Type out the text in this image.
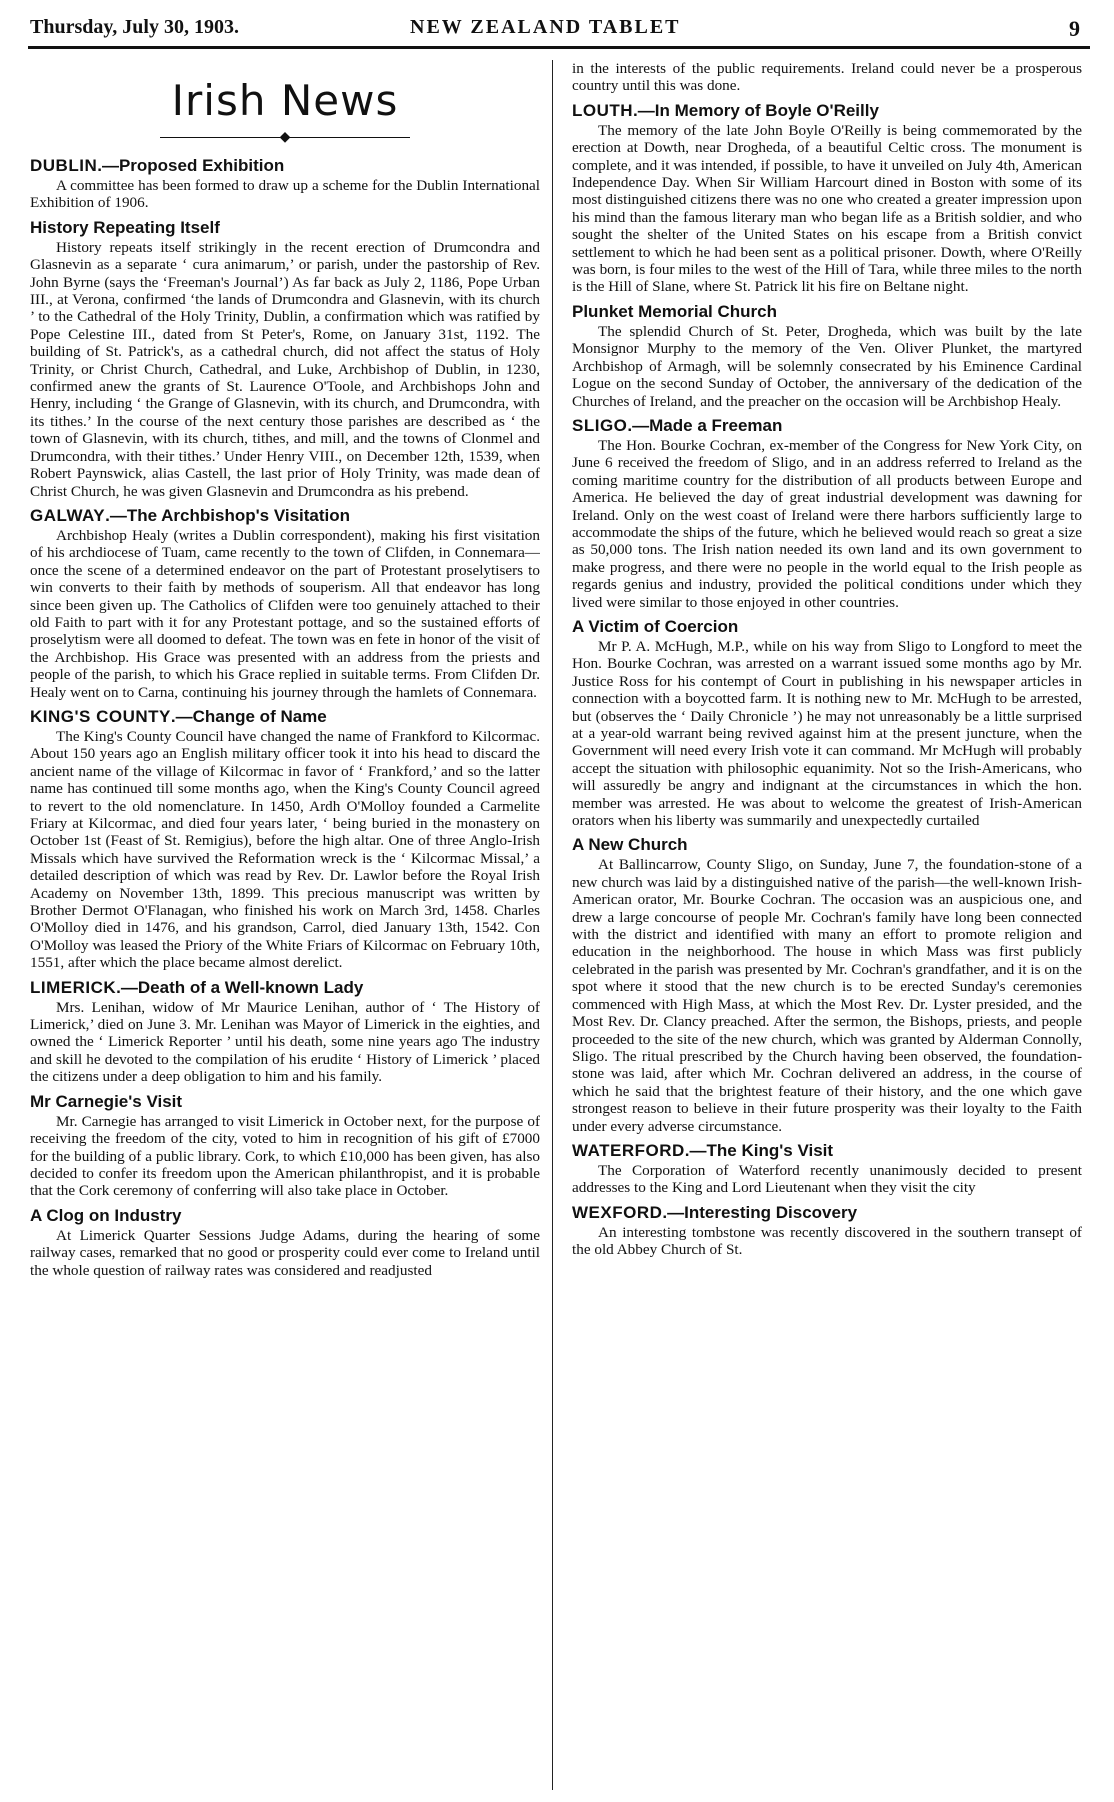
Thursday, July 30, 1903.	NEW ZEALAND TABLET	9
Irish News
◆
DUBLIN.—Proposed Exhibition

A committee has been formed to draw up a scheme for the Dublin International Exhibition of 1906.

History Repeating Itself

History repeats itself strikingly in the recent erection of Drumcondra and Glasnevin as a separate ‘ cura animarum,’ or parish, under the pastorship of Rev. John Byrne (says the ‘Freeman's Journal’) As far back as July 2, 1186, Pope Urban III., at Verona, confirmed ‘the lands of Drumcondra and Glasnevin, with its church ’ to the Cathedral of the Holy Trinity, Dublin, a confirmation which was ratified by Pope Celestine III., dated from St Peter's, Rome, on January 31st, 1192. The building of St. Patrick's, as a cathedral church, did not affect the status of Holy Trinity, or Christ Church, Cathedral, and Luke, Archbishop of Dublin, in 1230, confirmed anew the grants of St. Laurence O'Toole, and Archbishops John and Henry, including ‘ the Grange of Glasnevin, with its church, and Drumcondra, with its tithes.’ In the course of the next century those parishes are described as ‘ the town of Glasnevin, with its church, tithes, and mill, and the towns of Clonmel and Drumcondra, with their tithes.’ Under Henry VIII., on December 12th, 1539, when Robert Paynswick, alias Castell, the last prior of Holy Trinity, was made dean of Christ Church, he was given Glasnevin and Drumcondra as his prebend.

GALWAY.—The Archbishop's Visitation

Archbishop Healy (writes a Dublin correspondent), making his first visitation of his archdiocese of Tuam, came recently to the town of Clifden, in Connemara—once the scene of a determined endeavor on the part of Protestant proselytisers to win converts to their faith by methods of souperism. All that endeavor has long since been given up. The Catholics of Clifden were too genuinely attached to their old Faith to part with it for any Protestant pottage, and so the sustained efforts of proselytism were all doomed to defeat. The town was en fete in honor of the visit of the Archbishop. His Grace was presented with an address from the priests and people of the parish, to which his Grace replied in suitable terms. From Clifden Dr. Healy went on to Carna, continuing his journey through the hamlets of Connemara.

KING'S COUNTY.—Change of Name

The King's County Council have changed the name of Frankford to Kilcormac. About 150 years ago an English military officer took it into his head to discard the ancient name of the village of Kilcormac in favor of ‘ Frankford,’ and so the latter name has continued till some months ago, when the King's County Council agreed to revert to the old nomenclature. In 1450, Ardh O'Molloy founded a Carmelite Friary at Kilcormac, and died four years later, ‘ being buried in the monastery on October 1st (Feast of St. Remigius), before the high altar. One of three Anglo-Irish Missals which have survived the Reformation wreck is the ‘ Kilcormac Missal,’ a detailed description of which was read by Rev. Dr. Lawlor before the Royal Irish Academy on November 13th, 1899. This precious manuscript was written by Brother Dermot O'Flanagan, who finished his work on March 3rd, 1458. Charles O'Molloy died in 1476, and his grandson, Carrol, died January 13th, 1542. Con O'Molloy was leased the Priory of the White Friars of Kilcormac on February 10th, 1551, after which the place became almost derelict.

LIMERICK.—Death of a Well-known Lady

Mrs. Lenihan, widow of Mr Maurice Lenihan, author of ‘ The History of Limerick,’ died on June 3. Mr. Lenihan was Mayor of Limerick in the eighties, and owned the ‘ Limerick Reporter ’ until his death, some nine years ago The industry and skill he devoted to the compilation of his erudite ‘ History of Limerick ’ placed the citizens under a deep obligation to him and his family.

Mr Carnegie's Visit

Mr. Carnegie has arranged to visit Limerick in October next, for the purpose of receiving the freedom of the city, voted to him in recognition of his gift of £7000 for the building of a public library. Cork, to which £10,000 has been given, has also decided to confer its freedom upon the American philanthropist, and it is probable that the Cork ceremony of conferring will also take place in October.

A Clog on Industry

At Limerick Quarter Sessions Judge Adams, during the hearing of some railway cases, remarked that no good or prosperity could ever come to Ireland until the whole question of railway rates was considered and readjusted

in the interests of the public requirements. Ireland could never be a prosperous country until this was done.

LOUTH.—In Memory of Boyle O'Reilly

The memory of the late John Boyle O'Reilly is being commemorated by the erection at Dowth, near Drogheda, of a beautiful Celtic cross. The monument is complete, and it was intended, if possible, to have it unveiled on July 4th, American Independence Day. When Sir William Harcourt dined in Boston with some of its most distinguished citizens there was no one who created a greater impression upon his mind than the famous literary man who began life as a British soldier, and who sought the shelter of the United States on his escape from a British convict settlement to which he had been sent as a political prisoner. Dowth, where O'Reilly was born, is four miles to the west of the Hill of Tara, while three miles to the north is the Hill of Slane, where St. Patrick lit his fire on Beltane night.

Plunket Memorial Church

The splendid Church of St. Peter, Drogheda, which was built by the late Monsignor Murphy to the memory of the Ven. Oliver Plunket, the martyred Archbishop of Armagh, will be solemnly consecrated by his Eminence Cardinal Logue on the second Sunday of October, the anniversary of the dedication of the Churches of Ireland, and the preacher on the occasion will be Archbishop Healy.

SLIGO.—Made a Freeman

The Hon. Bourke Cochran, ex-member of the Congress for New York City, on June 6 received the freedom of Sligo, and in an address referred to Ireland as the coming maritime country for the distribution of all products between Europe and America. He believed the day of great industrial development was dawning for Ireland. Only on the west coast of Ireland were there harbors sufficiently large to accommodate the ships of the future, which he believed would reach so great a size as 50,000 tons. The Irish nation needed its own land and its own government to make progress, and there were no people in the world equal to the Irish people as regards genius and industry, provided the political conditions under which they lived were similar to those enjoyed in other countries.

A Victim of Coercion

Mr P. A. McHugh, M.P., while on his way from Sligo to Longford to meet the Hon. Bourke Cochran, was arrested on a warrant issued some months ago by Mr. Justice Ross for his contempt of Court in publishing in his newspaper articles in connection with a boycotted farm. It is nothing new to Mr. McHugh to be arrested, but (observes the ‘ Daily Chronicle ’) he may not unreasonably be a little surprised at a year-old warrant being revived against him at the present juncture, when the Government will need every Irish vote it can command. Mr McHugh will probably accept the situation with philosophic equanimity. Not so the Irish-Americans, who will assuredly be angry and indignant at the circumstances in which the hon. member was arrested. He was about to welcome the greatest of Irish-American orators when his liberty was summarily and unexpectedly curtailed

A New Church

At Ballincarrow, County Sligo, on Sunday, June 7, the foundation-stone of a new church was laid by a distinguished native of the parish—the well-known Irish-American orator, Mr. Bourke Cochran. The occasion was an auspicious one, and drew a large concourse of people Mr. Cochran's family have long been connected with the district and identified with many an effort to promote religion and education in the neighborhood. The house in which Mass was first publicly celebrated in the parish was presented by Mr. Cochran's grandfather, and it is on the spot where it stood that the new church is to be erected Sunday's ceremonies commenced with High Mass, at which the Most Rev. Dr. Lyster presided, and the Most Rev. Dr. Clancy preached. After the sermon, the Bishops, priests, and people proceeded to the site of the new church, which was granted by Alderman Connolly, Sligo. The ritual prescribed by the Church having been observed, the foundation-stone was laid, after which Mr. Cochran delivered an address, in the course of which he said that the brightest feature of their history, and the one which gave strongest reason to believe in their future prosperity was their loyalty to the Faith under every adverse circumstance.

WATERFORD.—The King's Visit

The Corporation of Waterford recently unanimously decided to present addresses to the King and Lord Lieutenant when they visit the city

WEXFORD.—Interesting Discovery

An interesting tombstone was recently discovered in the southern transept of the old Abbey Church of St.
